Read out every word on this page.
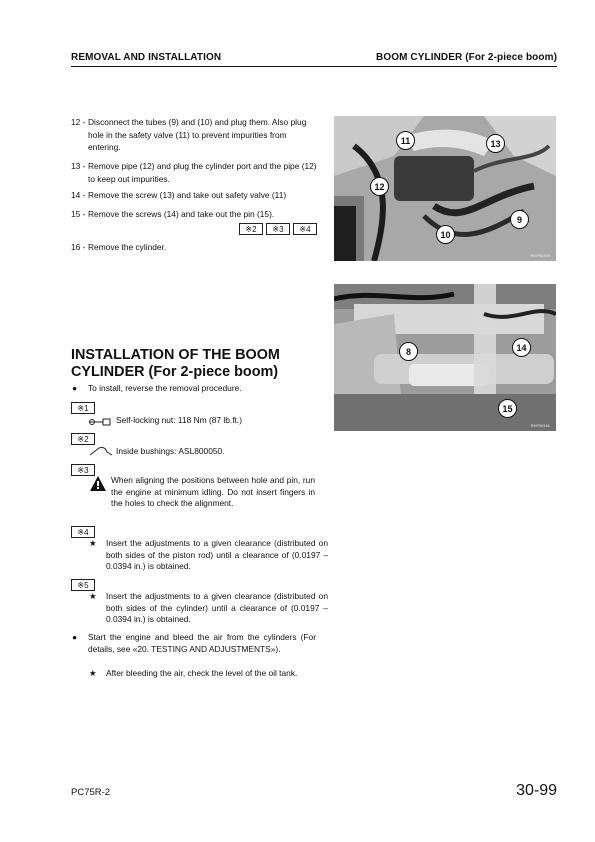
REMOVAL AND INSTALLATION	BOOM CYLINDER (For 2-piece boom)
12 - Disconnect the tubes (9) and (10) and plug them. Also plug hole in the safety valve (11) to prevent impurities from entering.
13 - Remove pipe (12) and plug the cylinder port and the pipe (12) to keep out impurities.
14 - Remove the screw (13) and take out safety valve (11)
15 - Remove the screws (14) and take out the pin (15).
※2	※3	※4
16 - Remove the cylinder.
11	13
12
9
10
RKP00160
INSTALLATION OF THE BOOM CYLINDER (For 2-piece boom)
● To install, reverse the removal procedure.
※1
Self-locking nut: 118 Nm (87 lb.ft.)
※2
Inside bushings: ASL800050.
※3
When aligning the positions between hole and pin, run the engine at minimum idling. Do not insert fingers in the holes to check the alignment.
※4
★ Insert the adjustments to a given clearance (distributed on both sides of the piston rod) until a clearance of (0.0197 – 0.0394 in.) is obtained.
※5
★ Insert the adjustments to a given clearance (distributed on both sides of the cylinder) until a clearance of (0.0197 – 0.0394 in.) is obtained.
● Start the engine and bleed the air from the cylinders (For details, see «20. TESTING AND ADJUSTMENTS»).
★ After bleeding the air, check the level of the oil tank.
8	14
15
RKP00161
PC75R-2	30-99
